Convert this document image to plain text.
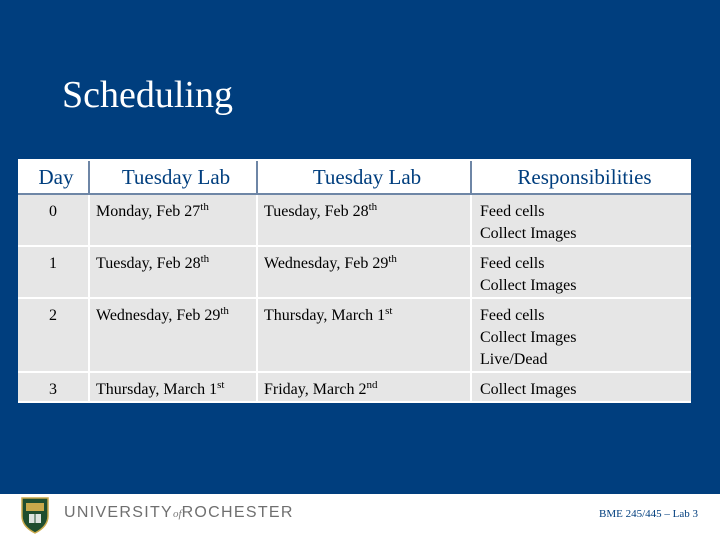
Scheduling
Day	Tuesday Lab	Tuesday Lab	Responsibilities
0	Monday, Feb 27th	Tuesday, Feb 28th	Feed cells
Collect Images

1	Tuesday, Feb 28th	Wednesday, Feb 29th	Feed cells
Collect Images

2	Wednesday, Feb 29th	Thursday, March 1st	Feed cells
Collect Images
Live/Dead

3	Thursday, March 1st	Friday, March 2nd	Collect Images
UNIVERSITYofROCHESTER	BME 245/445 – Lab 3
